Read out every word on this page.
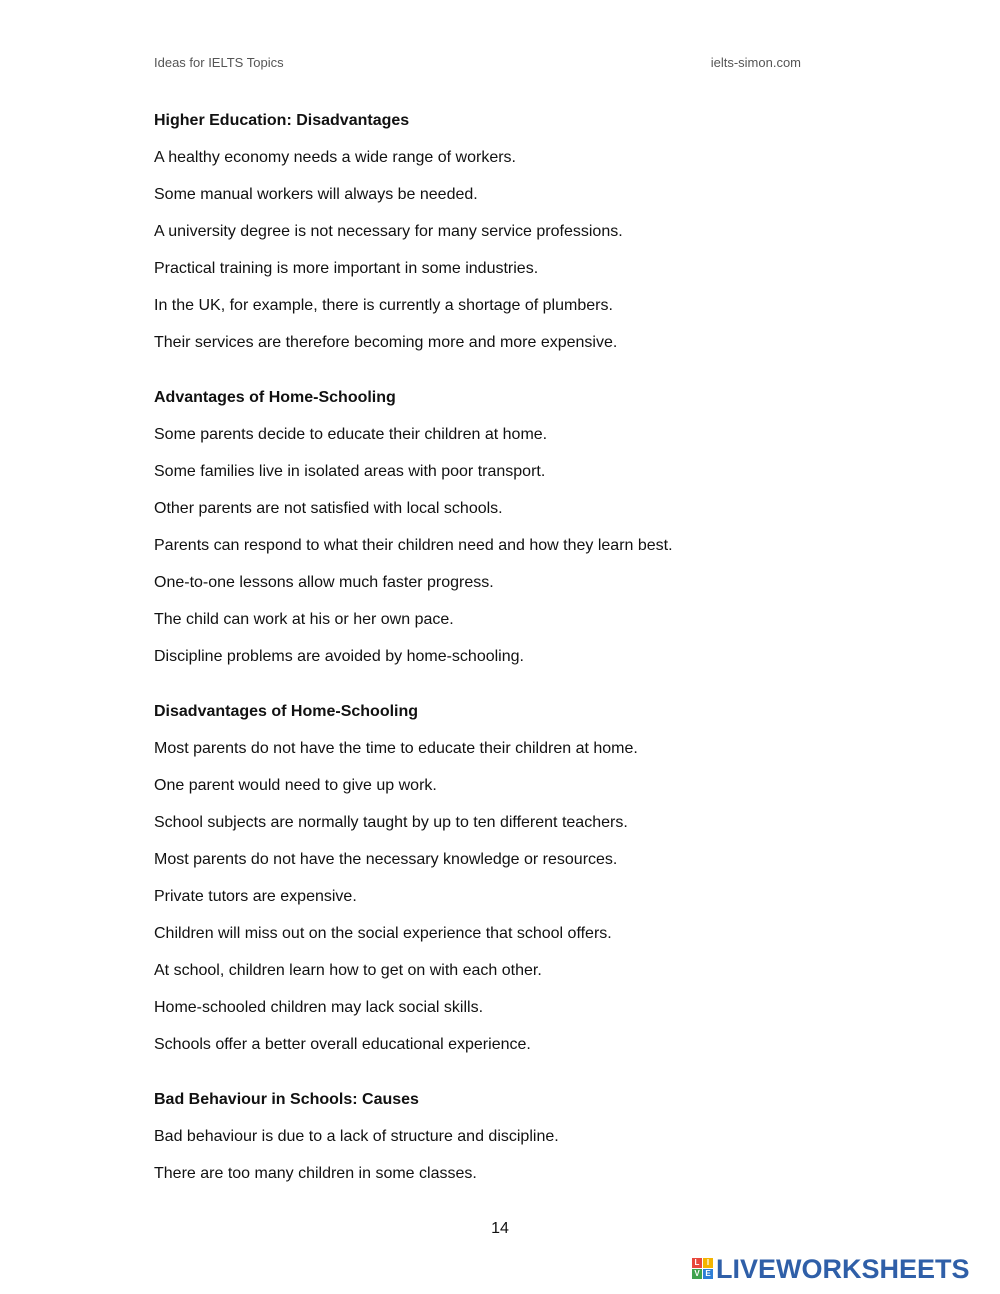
Ideas for IELTS Topics	ielts-simon.com
Higher Education: Disadvantages
A healthy economy needs a wide range of workers.
Some manual workers will always be needed.
A university degree is not necessary for many service professions.
Practical training is more important in some industries.
In the UK, for example, there is currently a shortage of plumbers.
Their services are therefore becoming more and more expensive.
Advantages of Home-Schooling
Some parents decide to educate their children at home.
Some families live in isolated areas with poor transport.
Other parents are not satisfied with local schools.
Parents can respond to what their children need and how they learn best.
One-to-one lessons allow much faster progress.
The child can work at his or her own pace.
Discipline problems are avoided by home-schooling.
Disadvantages of Home-Schooling
Most parents do not have the time to educate their children at home.
One parent would need to give up work.
School subjects are normally taught by up to ten different teachers.
Most parents do not have the necessary knowledge or resources.
Private tutors are expensive.
Children will miss out on the social experience that school offers.
At school, children learn how to get on with each other.
Home-schooled children may lack social skills.
Schools offer a better overall educational experience.
Bad Behaviour in Schools: Causes
Bad behaviour is due to a lack of structure and discipline.
There are too many children in some classes.
14
L I
V E LIVEWORKSHEETS
